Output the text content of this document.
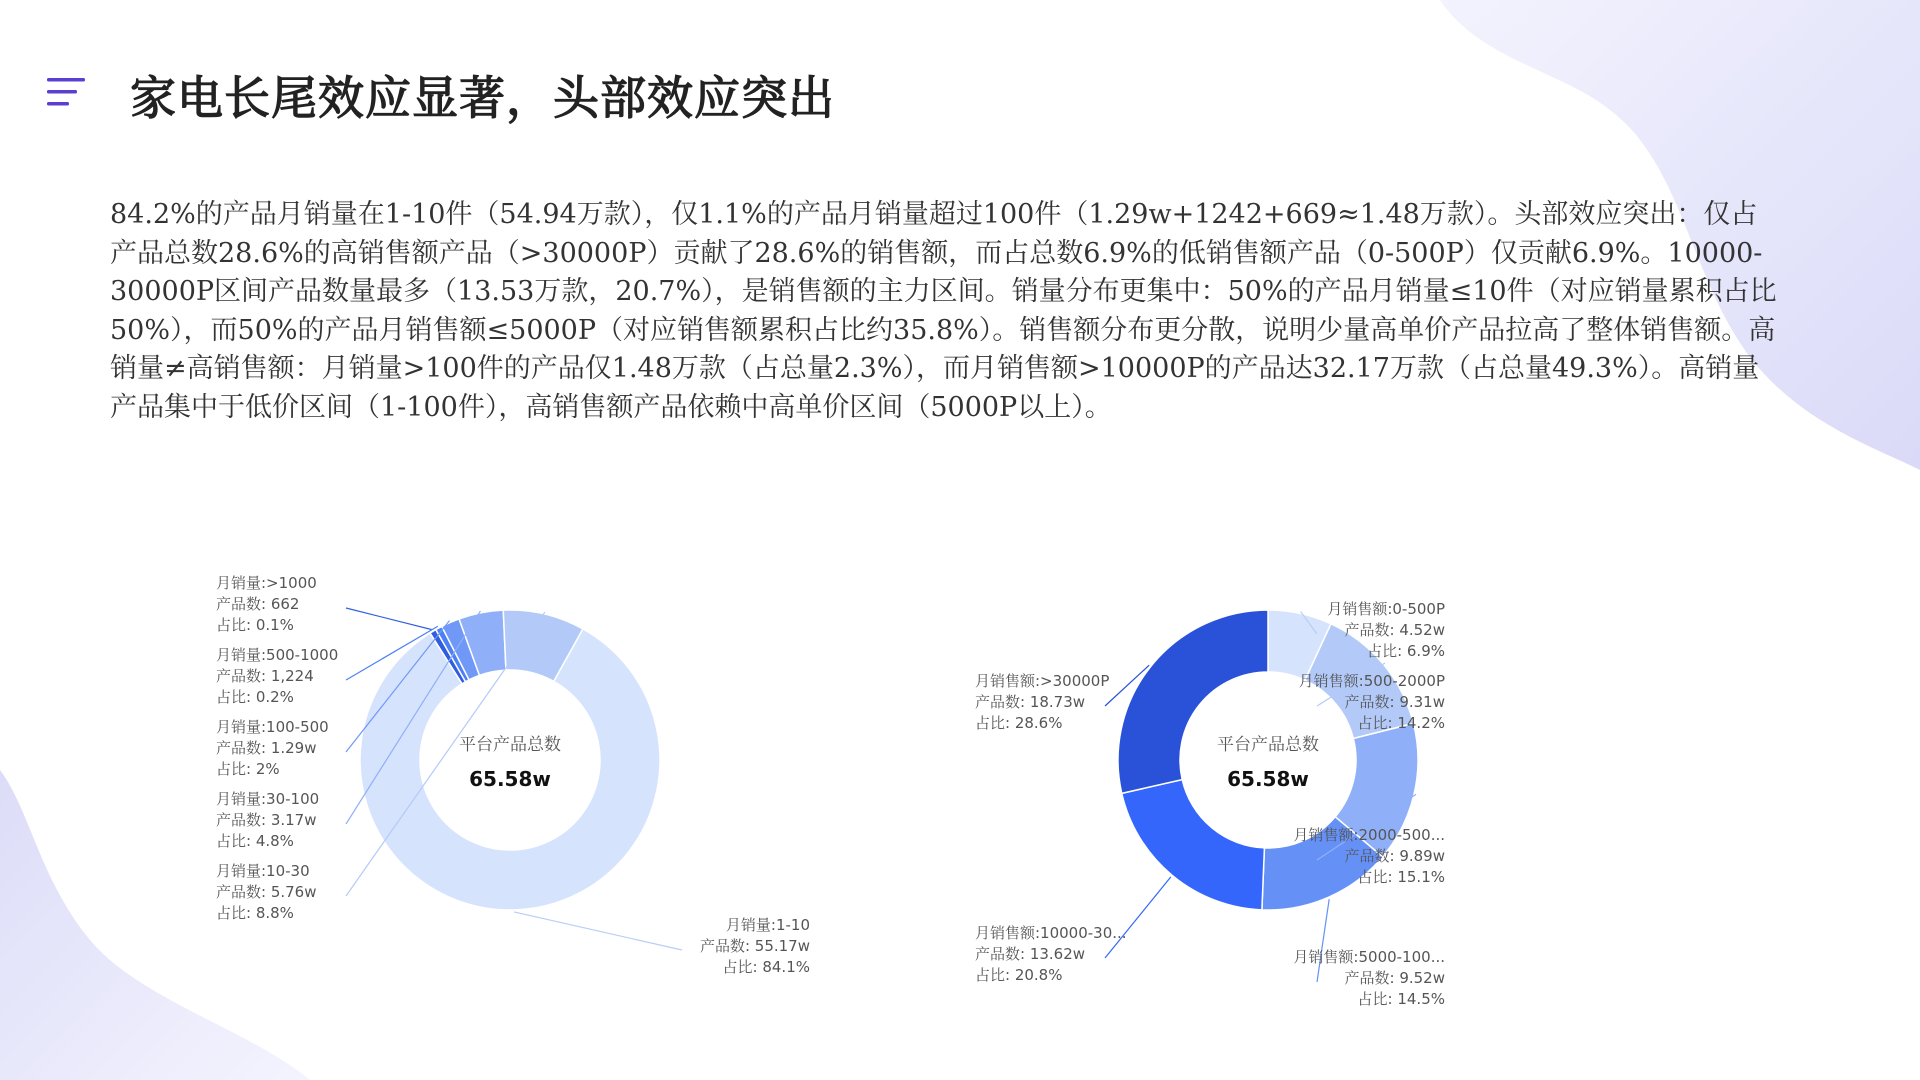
家电长尾效应显著，头部效应突出

84.2%的产品月销量在1-10件（54.94万款），仅1.1%的产品月销量超过100件（1.29w+1242+669≈1.48万款）。头部效应突出：仅占产品总数28.6%的高销售额产品（>30000P）贡献了28.6%的销售额，而占总数6.9%的低销售额产品（0-500P）仅贡献6.9%。10000-30000P区间产品数量最多（13.53万款，20.7%），是销售额的主力区间。销量分布更集中：50%的产品月销量≤10件（对应销量累积占比50%），而50%的产品月销售额≤5000P（对应销售额累积占比约35.8%）。销售额分布更分散，说明少量高单价产品拉高了整体销售额。高销量≠高销售额：月销量>100件的产品仅1.48万款（占总量2.3%），而月销售额>10000P的产品达32.17万款（占总量49.3%）。高销量产品集中于低价区间（1-100件），高销售额产品依赖中高单价区间（5000P以上）。

月销量:>1000
产品数: 662
占比: 0.1%
月销量:500-1000
产品数: 1,224
占比: 0.2%
月销量:100-500
产品数: 1.29w
占比: 2%
月销量:30-100
产品数: 3.17w
占比: 4.8%
月销量:10-30
产品数: 5.76w
占比: 8.8%
月销量:1-10
产品数: 55.17w
占比: 84.1%
平台产品总数
65.58w
月销售额:0-500P
产品数: 4.52w
占比: 6.9%
月销售额:500-2000P
产品数: 9.31w
占比: 14.2%
月销售额:2000-500...
产品数: 9.89w
占比: 15.1%
月销售额:5000-100...
产品数: 9.52w
占比: 14.5%
月销售额:10000-30...
产品数: 13.62w
占比: 20.8%
月销售额:>30000P
产品数: 18.73w
占比: 28.6%
平台产品总数
65.58w
